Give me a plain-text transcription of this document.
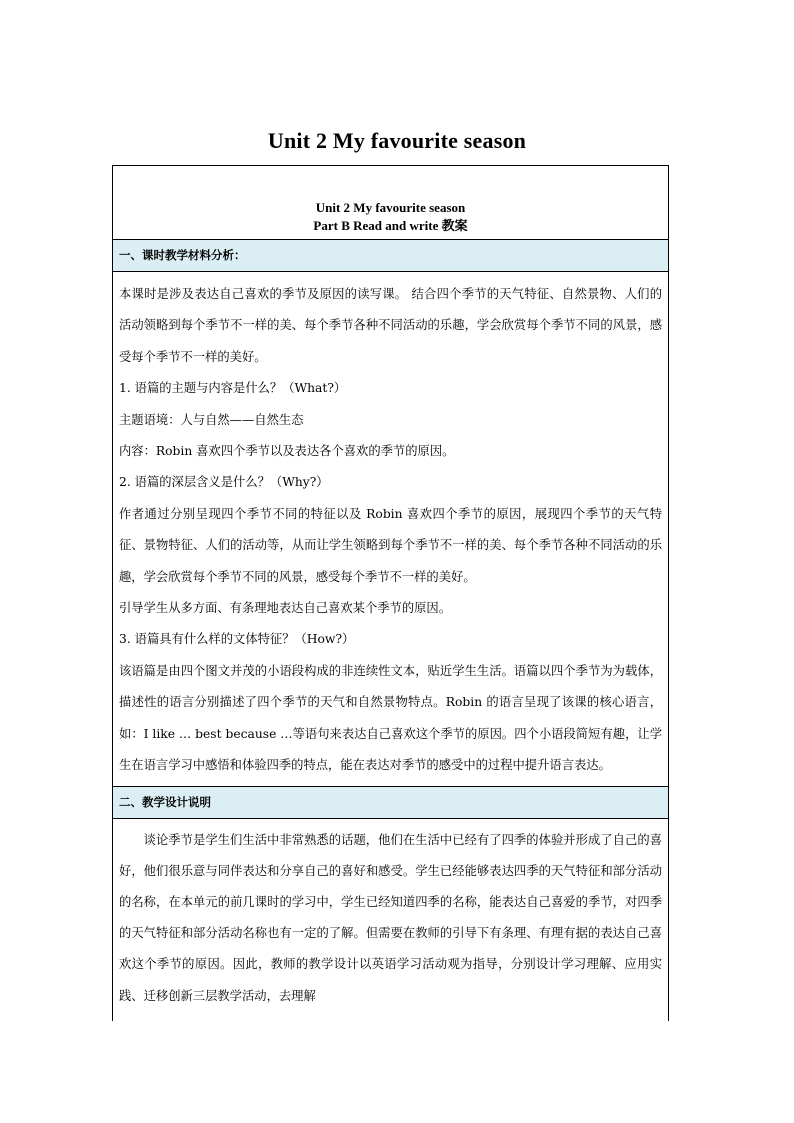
Unit 2 My favourite season
Unit 2 My favourite season
Part B Read and write 教案
一、课时教学材料分析：

本课时是涉及表达自己喜欢的季节及原因的读写课。 结合四个季节的天气特征、自然景物、人们的活动领略到每个季节不一样的美、每个季节各种不同活动的乐趣，学会欣赏每个季节不同的风景，感受每个季节不一样的美好。

1. 语篇的主题与内容是什么？（What?）

主题语境：人与自然——自然生态

内容：Robin 喜欢四个季节以及表达各个喜欢的季节的原因。

2. 语篇的深层含义是什么？（Why?）

作者通过分别呈现四个季节不同的特征以及 Robin 喜欢四个季节的原因，展现四个季节的天气特征、景物特征、人们的活动等，从而让学生领略到每个季节不一样的美、每个季节各种不同活动的乐趣，学会欣赏每个季节不同的风景，感受每个季节不一样的美好。

引导学生从多方面、有条理地表达自己喜欢某个季节的原因。

3. 语篇具有什么样的文体特征？（How?）

该语篇是由四个图文并茂的小语段构成的非连续性文本，贴近学生生活。语篇以四个季节为为载体，描述性的语言分别描述了四个季节的天气和自然景物特点。Robin 的语言呈现了该课的核心语言，如：I like … best because …等语句来表达自己喜欢这个季节的原因。四个小语段简短有趣，让学生在语言学习中感悟和体验四季的特点，能在表达对季节的感受中的过程中提升语言表达。

二、教学设计说明

谈论季节是学生们生活中非常熟悉的话题，他们在生活中已经有了四季的体验并形成了自己的喜好，他们很乐意与同伴表达和分享自己的喜好和感受。学生已经能够表达四季的天气特征和部分活动的名称，在本单元的前几课时的学习中，学生已经知道四季的名称，能表达自己喜爱的季节，对四季的天气特征和部分活动名称也有一定的了解。但需要在教师的引导下有条理、有理有据的表达自己喜欢这个季节的原因。因此，教师的教学设计以英语学习活动观为指导，分别设计学习理解、应用实践、迁移创新三层教学活动，去理解
